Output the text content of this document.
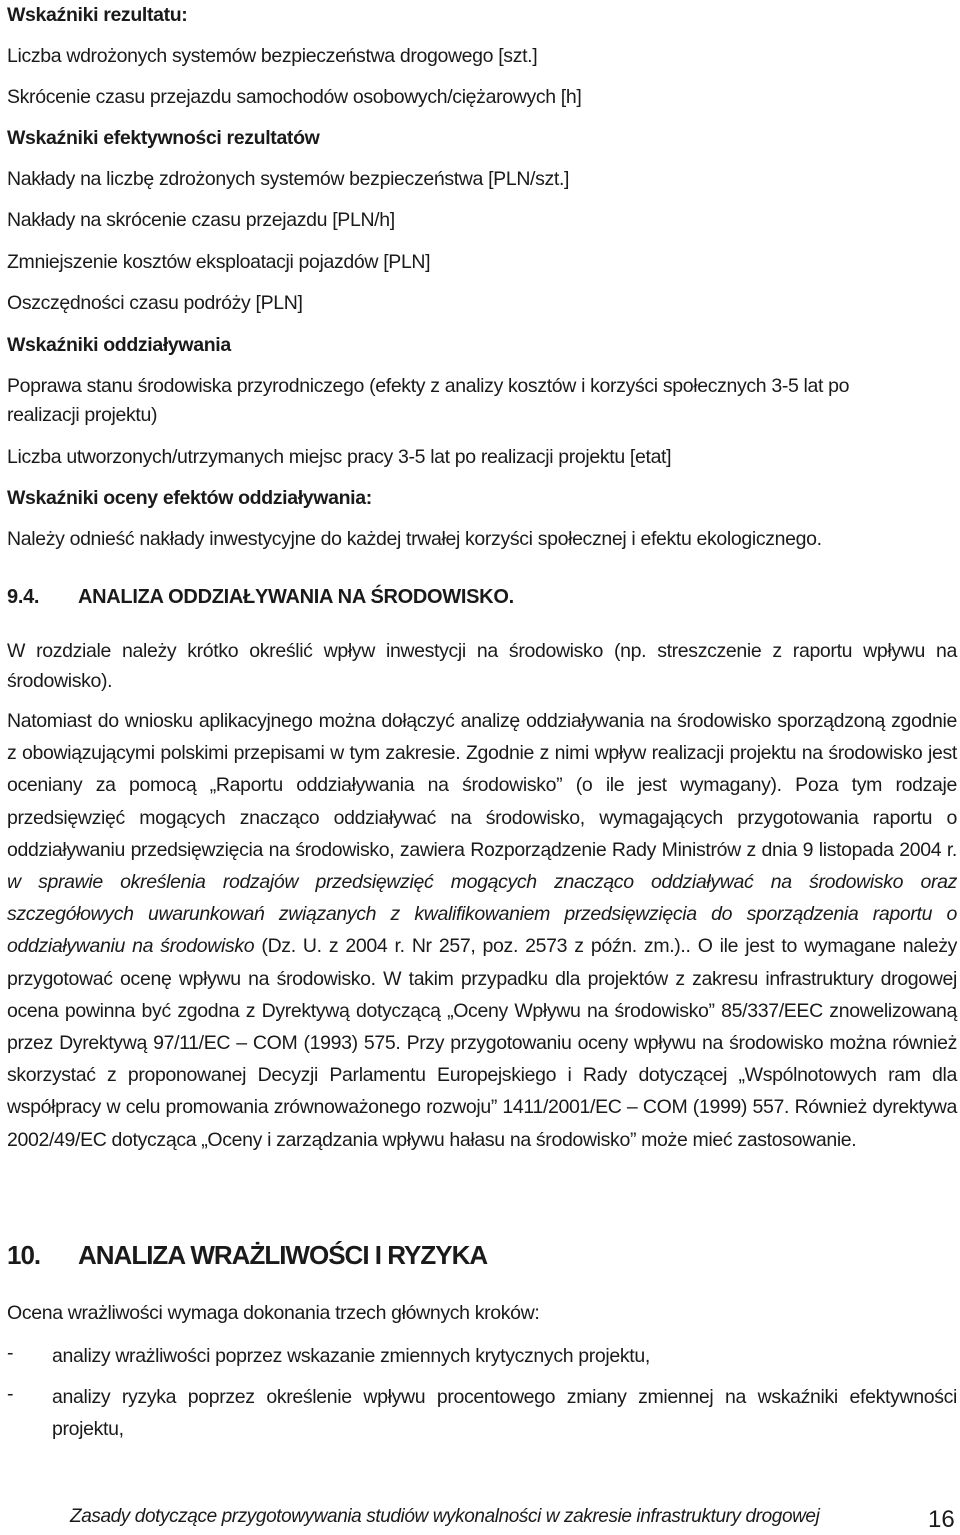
Wskaźniki rezultatu:
Liczba wdrożonych systemów bezpieczeństwa drogowego [szt.]
Skrócenie czasu przejazdu samochodów osobowych/ciężarowych [h]
Wskaźniki efektywności rezultatów
Nakłady na liczbę zdrożonych systemów bezpieczeństwa [PLN/szt.]
Nakłady na skrócenie czasu przejazdu [PLN/h]
Zmniejszenie kosztów eksploatacji pojazdów [PLN]
Oszczędności czasu podróży [PLN]
Wskaźniki oddziaływania
Poprawa stanu środowiska przyrodniczego (efekty z analizy kosztów i korzyści społecznych 3-5 lat po
realizacji projektu)
Liczba utworzonych/utrzymanych miejsc pracy 3-5 lat po realizacji projektu [etat]
Wskaźniki oceny efektów oddziaływania:
Należy odnieść nakłady inwestycyjne do każdej trwałej korzyści społecznej i efektu ekologicznego.
9.4. ANALIZA ODDZIAŁYWANIA NA ŚRODOWISKO.
W rozdziale należy krótko określić wpływ inwestycji na środowisko (np. streszczenie z raportu wpływu na środowisko).
Natomiast do wniosku aplikacyjnego można dołączyć analizę oddziaływania na środowisko sporządzoną zgodnie z obowiązującymi polskimi przepisami w tym zakresie. Zgodnie z nimi wpływ realizacji projektu na środowisko jest oceniany za pomocą „Raportu oddziaływania na środowisko” (o ile jest wymagany). Poza tym rodzaje przedsięwzięć mogących znacząco oddziaływać na środowisko, wymagających przygotowania raportu o oddziaływaniu przedsięwzięcia na środowisko, zawiera Rozporządzenie Rady Ministrów z dnia 9 listopada 2004 r. w sprawie określenia rodzajów przedsięwzięć mogących znacząco oddziaływać na środowisko oraz szczegółowych uwarunkowań związanych z kwalifikowaniem przedsięwzięcia do sporządzenia raportu o oddziaływaniu na środowisko (Dz. U. z 2004 r. Nr 257, poz. 2573 z późn. zm.).. O ile jest to wymagane należy przygotować ocenę wpływu na środowisko. W takim przypadku dla projektów z zakresu infrastruktury drogowej ocena powinna być zgodna z Dyrektywą dotyczącą „Oceny Wpływu na środowisko” 85/337/EEC znowelizowaną przez Dyrektywą 97/11/EC – COM (1993) 575. Przy przygotowaniu oceny wpływu na środowisko można również skorzystać z proponowanej Decyzji Parlamentu Europejskiego i Rady dotyczącej „Wspólnotowych ram dla współpracy w celu promowania zrównoważonego rozwoju” 1411/2001/EC – COM (1999) 557. Również dyrektywa 2002/49/EC dotycząca „Oceny i zarządzania wpływu hałasu na środowisko” może mieć zastosowanie.
10. ANALIZA WRAŻLIWOŚCI I RYZYKA
Ocena wrażliwości wymaga dokonania trzech głównych kroków:
- analizy wrażliwości poprzez wskazanie zmiennych krytycznych projektu,
- analizy ryzyka poprzez określenie wpływu procentowego zmiany zmiennej na wskaźniki efektywności projektu,
Zasady dotyczące przygotowywania studiów wykonalności w zakresie infrastruktury drogowej	16
